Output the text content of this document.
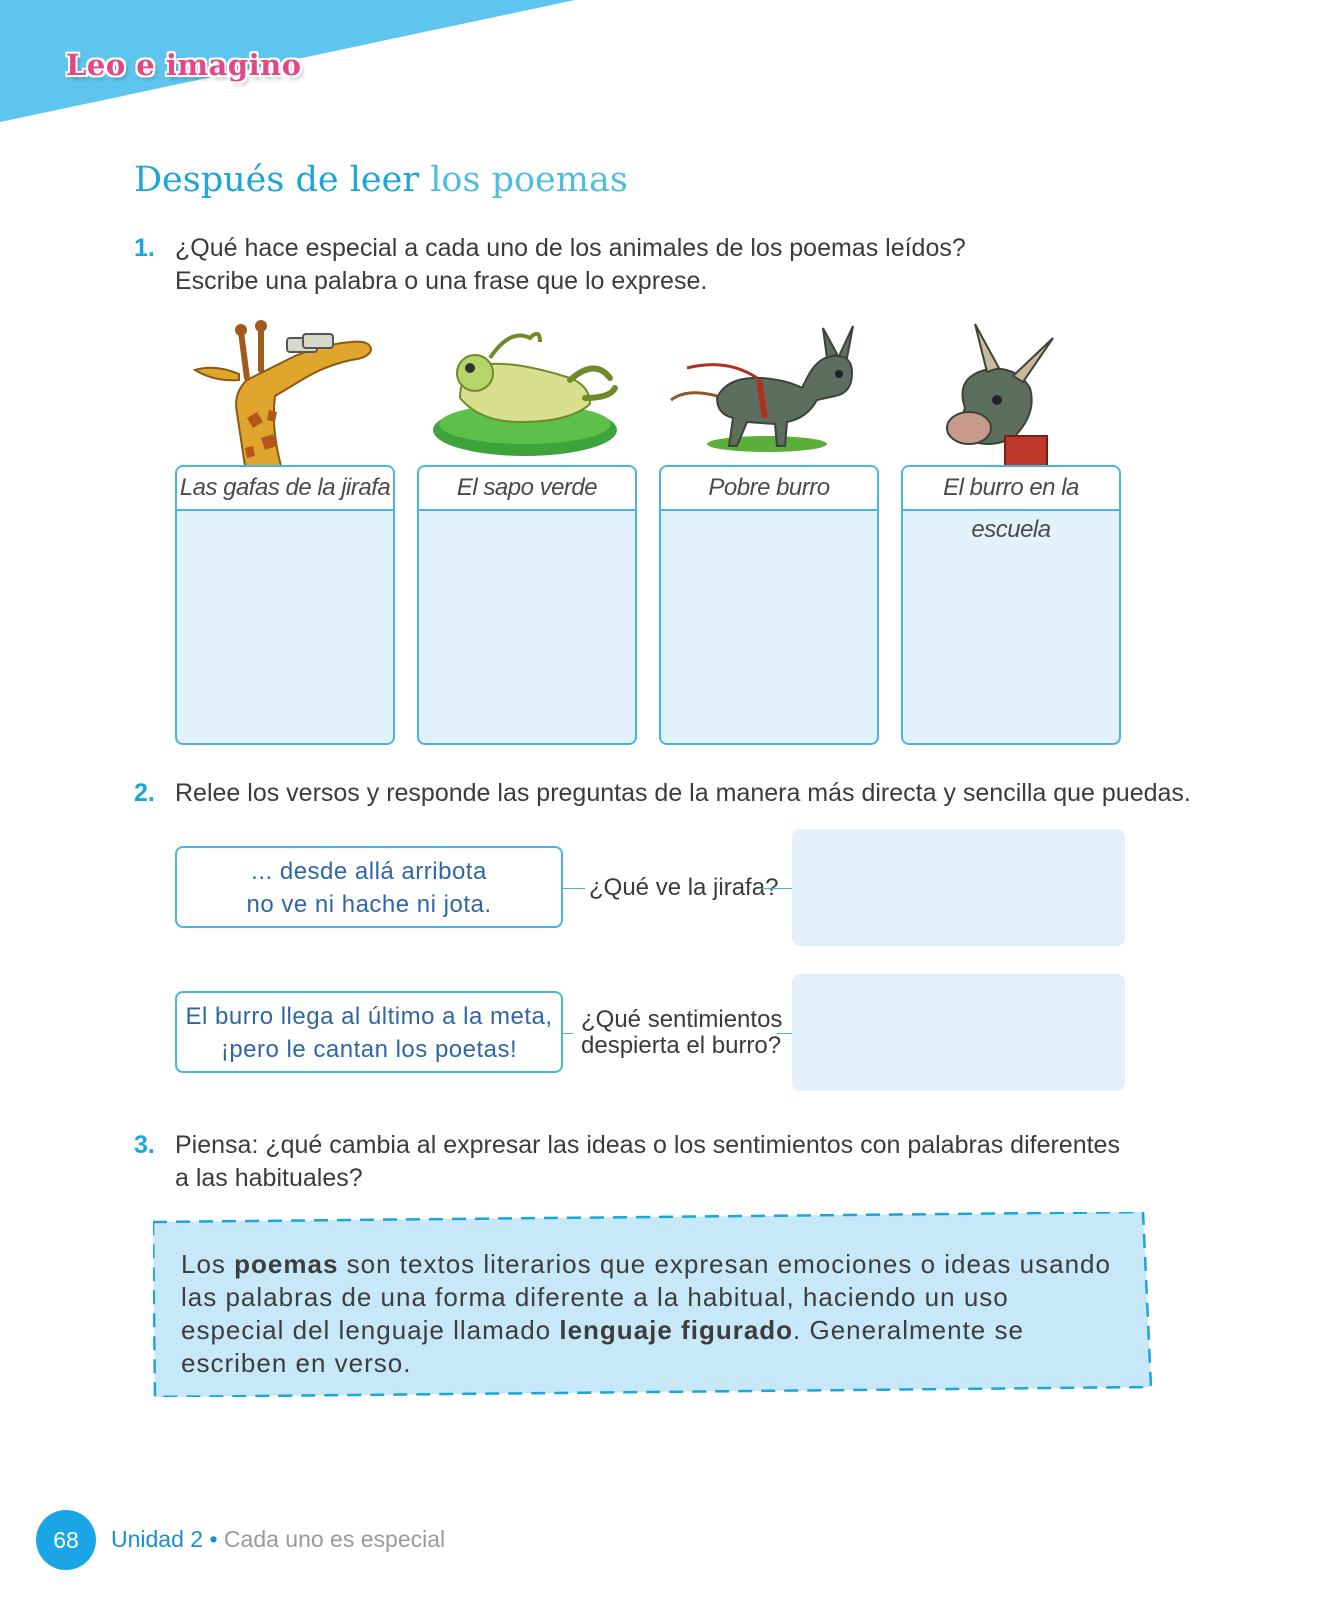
Leo e imagino
Después de leer los poemas
1. ¿Qué hace especial a cada uno de los animales de los poemas leídos?
Escribe una palabra o una frase que lo exprese.
Las gafas de la jirafa	El sapo verde	Pobre burro	El burro en la escuela
2. Relee los versos y responde las preguntas de la manera más directa y sencilla que puedas.
... desde allá arribota
no ve ni hache ni jota.
¿Qué ve la jirafa?
El burro llega al último a la meta,
¡pero le cantan los poetas!
¿Qué sentimientos
despierta el burro?
3. Piensa: ¿qué cambia al expresar las ideas o los sentimientos con palabras diferentes
a las habituales?
Los poemas son textos literarios que expresan emociones o ideas usando las palabras de una forma diferente a la habitual, haciendo un uso especial del lenguaje llamado lenguaje figurado. Generalmente se escriben en verso.
68	Unidad 2 • Cada uno es especial
